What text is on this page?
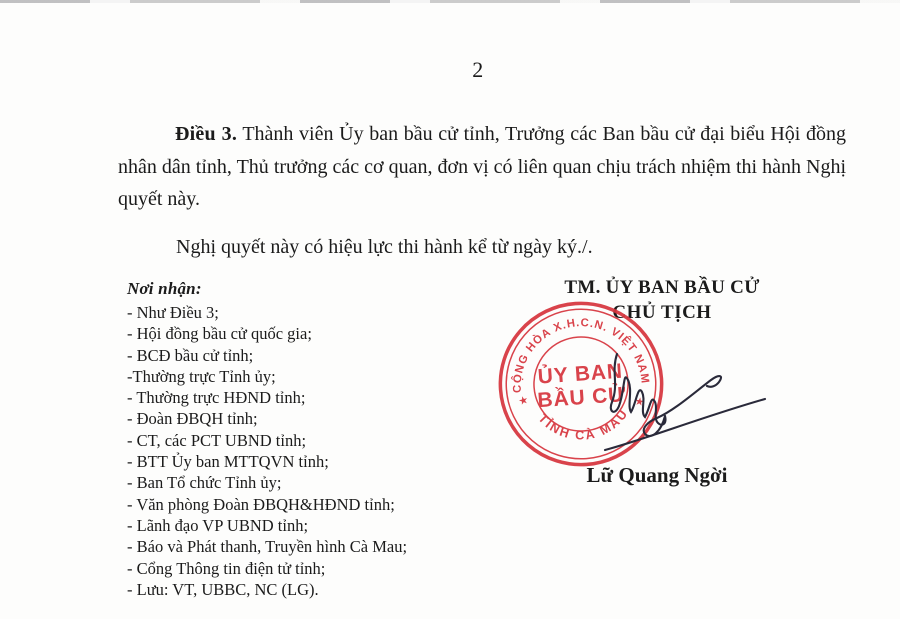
2

Điều 3. Thành viên Ủy ban bầu cử tỉnh, Trưởng các Ban bầu cử đại biểu Hội đồng nhân dân tỉnh, Thủ trưởng các cơ quan, đơn vị có liên quan chịu trách nhiệm thi hành Nghị quyết này.

Nghị quyết này có hiệu lực thi hành kể từ ngày ký./.

Nơi nhận:
- Như Điều 3;
- Hội đồng bầu cử quốc gia;
- BCĐ bầu cử tỉnh;
-Thường trực Tỉnh ủy;
- Thường trực HĐND tỉnh;
- Đoàn ĐBQH tỉnh;
- CT, các PCT UBND tỉnh;
- BTT Ủy ban MTTQVN tỉnh;
- Ban Tổ chức Tỉnh ủy;
- Văn phòng Đoàn ĐBQH&HĐND tỉnh;
- Lãnh đạo VP UBND tỉnh;
- Báo và Phát thanh, Truyền hình Cà Mau;
- Cổng Thông tin điện tử tỉnh;
- Lưu: VT, UBBC, NC (LG).
TM. ỦY BAN BẦU CỬ
CHỦ TỊCH
CỘNG HÒA X.H.C.N. VIỆT NAM
TỈNH CÀ MAU
ỦY BAN
BẦU CỬ
★	★
Lữ Quang Ngời
